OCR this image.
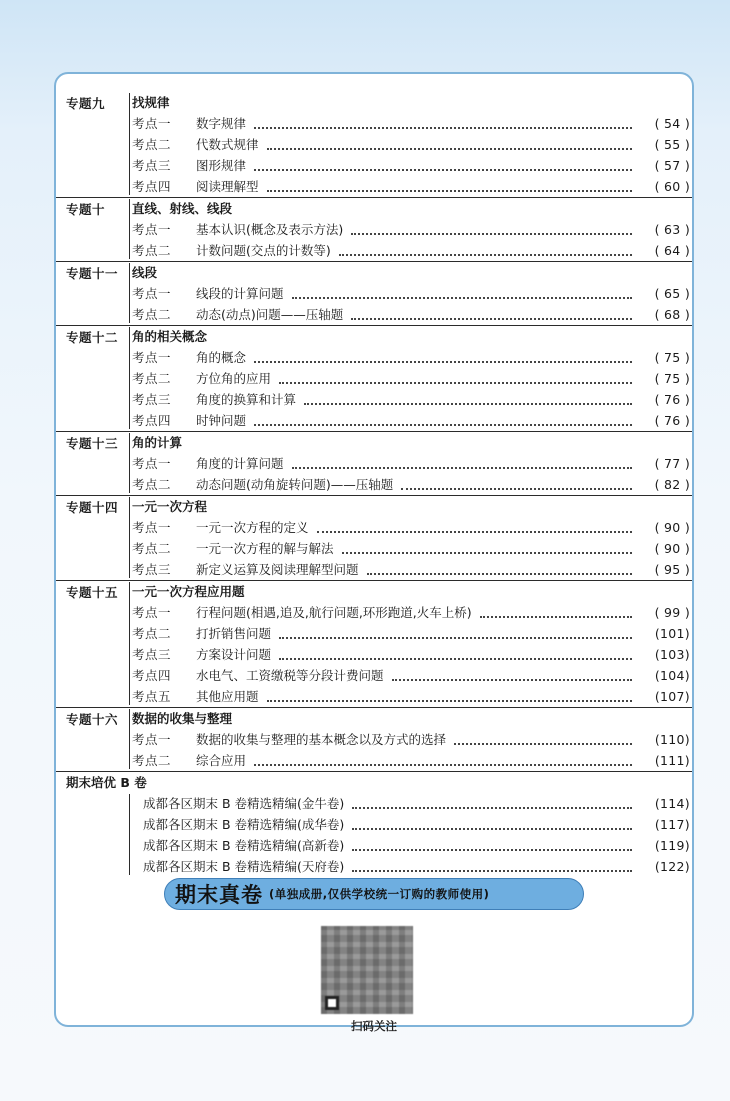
专题九	找规律
考点一	数字规律	( 54 )
考点二	代数式规律	( 55 )
考点三	图形规律	( 57 )
考点四	阅读理解型	( 60 )
专题十	直线、射线、线段
考点一	基本认识(概念及表示方法)	( 63 )
考点二	计数问题(交点的计数等)	( 64 )
专题十一	线段
考点一	线段的计算问题	( 65 )
考点二	动态(动点)问题——压轴题	( 68 )
专题十二	角的相关概念
考点一	角的概念	( 75 )
考点二	方位角的应用	( 75 )
考点三	角度的换算和计算	( 76 )
考点四	时钟问题	( 76 )
专题十三	角的计算
考点一	角度的计算问题	( 77 )
考点二	动态问题(动角旋转问题)——压轴题	( 82 )
专题十四	一元一次方程
考点一	一元一次方程的定义	( 90 )
考点二	一元一次方程的解与解法	( 90 )
考点三	新定义运算及阅读理解型问题	( 95 )
专题十五	一元一次方程应用题
考点一	行程问题(相遇,追及,航行问题,环形跑道,火车上桥)	( 99 )
考点二	打折销售问题	(101)
考点三	方案设计问题	(103)
考点四	水电气、工资缴税等分段计费问题	(104)
考点五	其他应用题	(107)
专题十六	数据的收集与整理
考点一	数据的收集与整理的基本概念以及方式的选择	(110)
考点二	综合应用	(111)
期末培优 B 卷
成都各区期末 B 卷精选精编(金牛卷)	(114)
成都各区期末 B 卷精选精编(成华卷)	(117)
成都各区期末 B 卷精选精编(高新卷)	(119)
成都各区期末 B 卷精选精编(天府卷)	(122)
期末真卷 (单独成册,仅供学校统一订购的教师使用)
扫码关注
